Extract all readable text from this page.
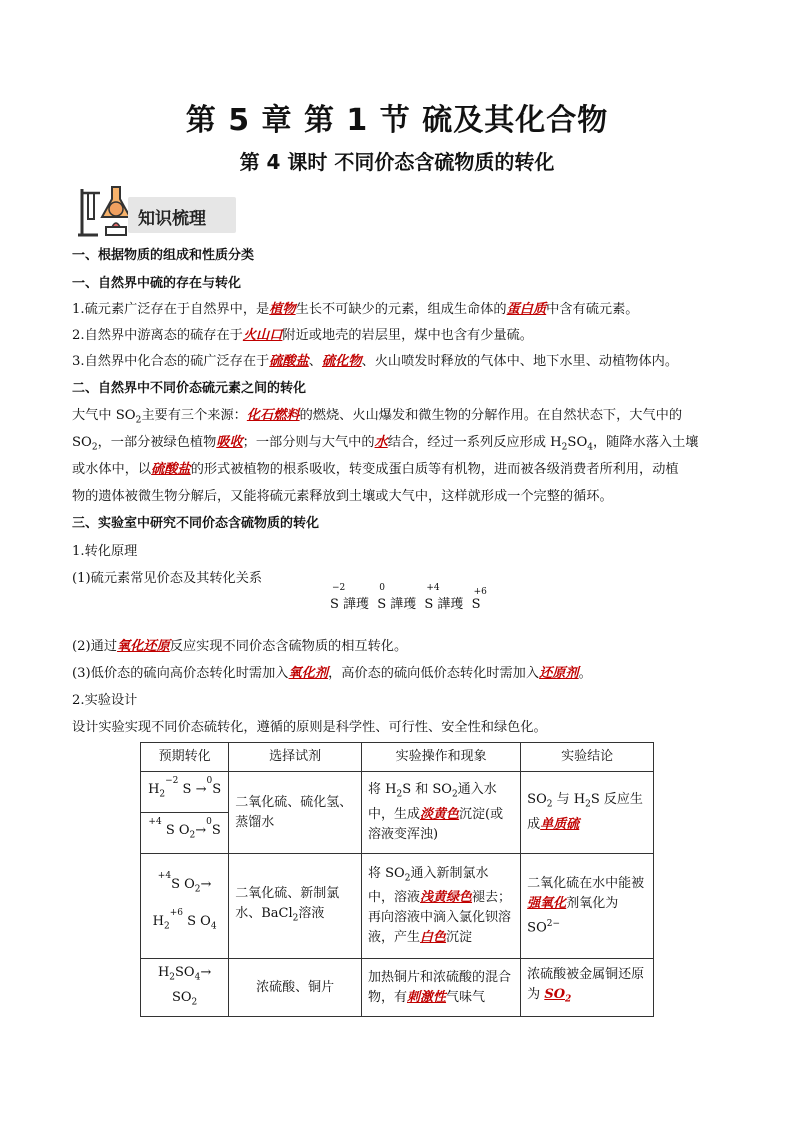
第 5 章 第 1 节 硫及其化合物
第 4 课时 不同价态含硫物质的转化
知识梳理
一、根据物质的组成和性质分类
一、自然界中硫的存在与转化
1.硫元素广泛存在于自然界中，是植物生长不可缺少的元素，组成生命体的蛋白质中含有硫元素。
2.自然界中游离态的硫存在于火山口附近或地壳的岩层里，煤中也含有少量硫。
3.自然界中化合态的硫广泛存在于硫酸盐、硫化物、火山喷发时释放的气体中、地下水里、动植物体内。
二、自然界中不同价态硫元素之间的转化
大气中 $SO_2$主要有三个来源：化石燃料的燃烧、火山爆发和微生物的分解作用。在自然状态下，大气中的
$SO_2$，一部分被绿色植物吸收；一部分则与大气中的水结合，经过一系列反应形成 $H_2SO_4$，随降水落入土壤
或水体中，以硫酸盐的形式被植物的根系吸收，转变成蛋白质等有机物，进而被各级消费者所利用，动植
物的遗体被微生物分解后，又能将硫元素释放到土壤或大气中，这样就形成一个完整的循环。
三、实验室中研究不同价态含硫物质的转化
1.转化原理
(1)硫元素常见价态及其转化关系
−2
S 譁瓁
0
S 譁瓁
+4
S 譁瓁
+6
S
(2)通过氧化还原反应实现不同价态含硫物质的相互转化。
(3)低价态的硫向高价态转化时需加入氧化剂，高价态的硫向低价态转化时需加入还原剂。
2.实验设计
设计实验实现不同价态硫转化，遵循的原则是科学性、可行性、安全性和绿色化。
预期转化	选择试剂	实验操作和现象	实验结论
$H_2^{-2}$ S →$^0$S	二氧化硫、硫化氢、蒸馏水	将 $H_2S$ 和 $SO_2$通入水中，生成淡黄色沉淀(或溶液变浑浊)	$SO_2$ 与 $H_2S$ 反应生成单质硫
$^{+4}$ S $O_2\to^0S$			

$^{+4}$S $O_2\to$
$H_2^{+6}$ S $O_4$	二氧化硫、新制氯水、BaCl$_2$溶液	将 $SO_2$通入新制氯水中，溶液浅黄绿色褪去；再向溶液中滴入氯化钡溶液，产生白色沉淀	二氧化硫在水中能被强氧化剂氧化为 $SO^{2-}$

$H_2SO_4\to$
$SO_2$	浓硫酸、铜片	加热铜片和浓硫酸的混合物，有刺激性气味气	浓硫酸被金属铜还原为 $SO_2$
